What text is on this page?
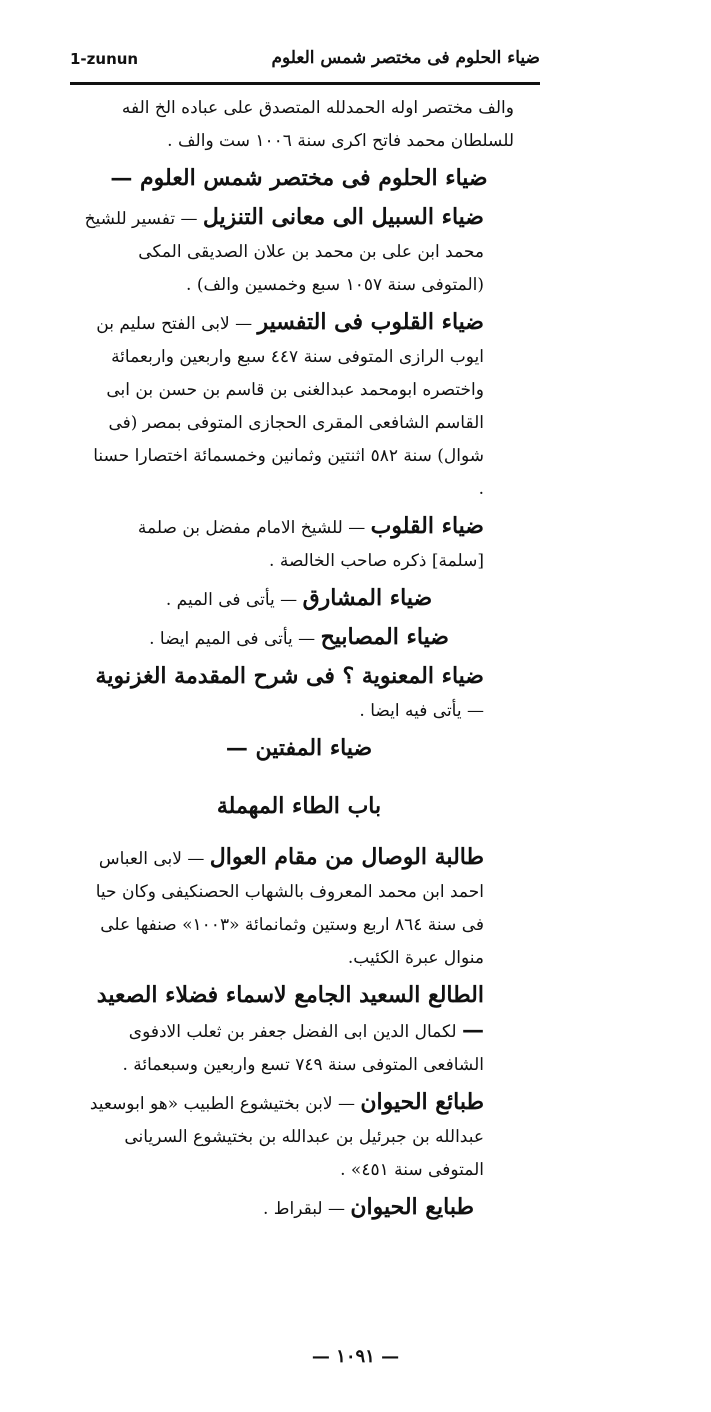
1-zunun	ضياء الحلوم فى مختصر شمس العلوم

والف مختصر اوله الحمدلله المتصدق على عباده الخ الفه للسلطان محمد فاتح اكرى سنة ١٠٠٦ ست والف .

ضياء الحلوم فى مختصر شمس العلوم —

ضياء السبيل الى معانى التنزيل — تفسير للشيخ محمد ابن على بن محمد بن علان الصديقى المكى (المتوفى سنة ١٠٥٧ سبع وخمسين والف) .

ضياء القلوب فى التفسير — لابى الفتح سليم بن ايوب الرازى المتوفى سنة ٤٤٧ سبع واربعين واربعمائة واختصره ابومحمد عبدالغنى بن قاسم بن حسن بن ابى القاسم الشافعى المقرى الحجازى المتوفى بمصر (فى شوال) سنة ٥٨٢ اثنتين وثمانين وخمسمائة اختصارا حسنا .

ضياء القلوب — للشيخ الامام مفضل بن صلمة [سلمة] ذكره صاحب الخالصة .

ضياء المشارق — يأتى فى الميم .

ضياء المصابيح — يأتى فى الميم ايضا .

ضياء المعنوية ؟ فى شرح المقدمة الغزنوية — يأتى فيه ايضا .

ضياء المفتين —

باب الطاء المهملة

طالبة الوصال من مقام العوال — لابى العباس احمد ابن محمد المعروف بالشهاب الحصنكيفى وكان حيا فى سنة ٨٦٤ اربع وستين وثمانمائة «١٠٠٣» صنفها على منوال عبرة الكئيب.

الطالع السعيد الجامع لاسماء فضلاء الصعيد — لكمال الدين ابى الفضل جعفر بن ثعلب الادفوى الشافعى المتوفى سنة ٧٤٩ تسع واربعين وسبعمائة .

طبائع الحيوان — لابن بختيشوع الطبيب «هو ابوسعيد عبدالله بن جبرئيل بن عبدالله بن بختيشوع السريانى المتوفى سنة ٤٥١» .

طبايع الحيوان — لبقراط .

— ١٠٩١ —
